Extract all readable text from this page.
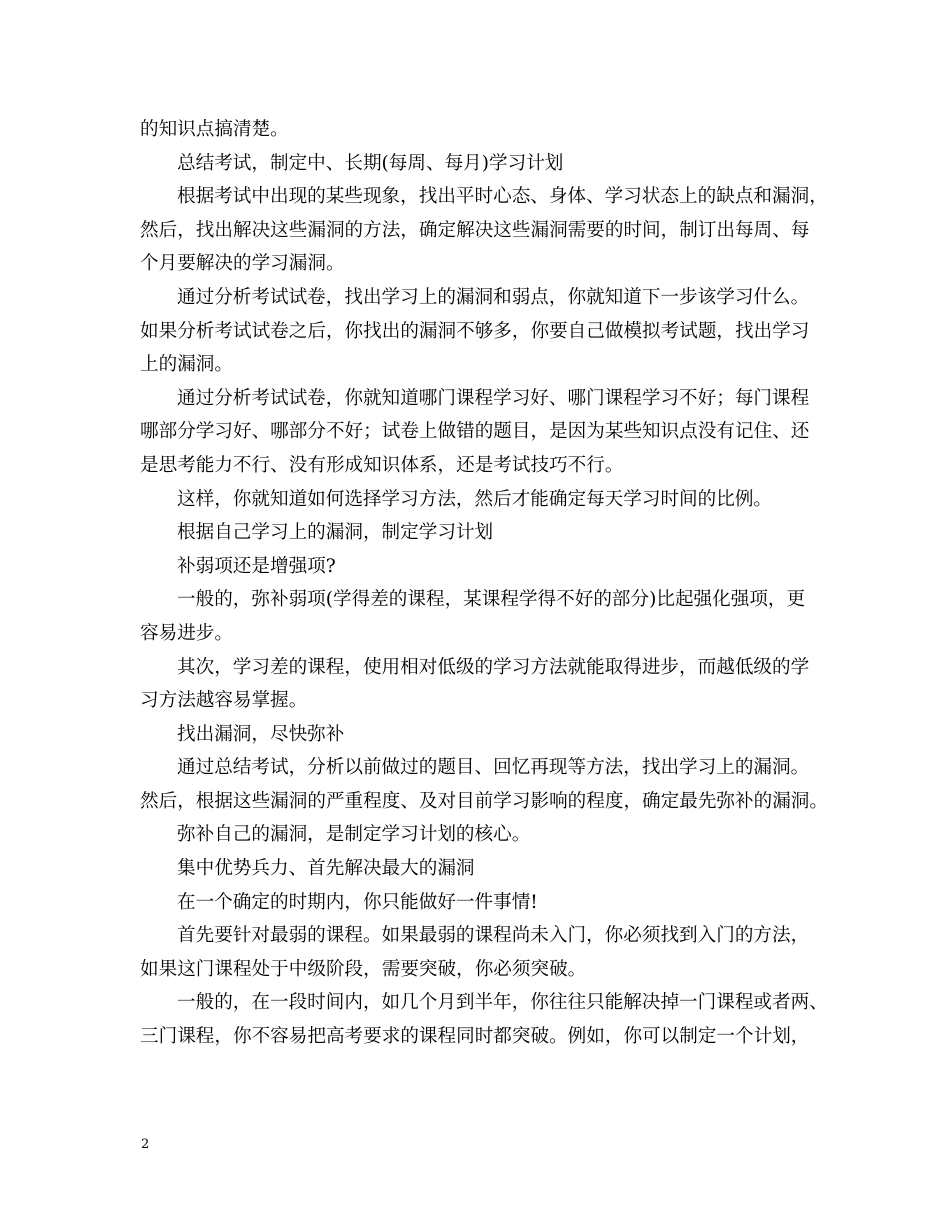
的知识点搞清楚。
总结考试，制定中、长期(每周、每月)学习计划
根据考试中出现的某些现象，找出平时心态、身体、学习状态上的缺点和漏洞，
然后，找出解决这些漏洞的方法，确定解决这些漏洞需要的时间，制订出每周、每
个月要解决的学习漏洞。
通过分析考试试卷，找出学习上的漏洞和弱点，你就知道下一步该学习什么。
如果分析考试试卷之后，你找出的漏洞不够多，你要自己做模拟考试题，找出学习
上的漏洞。
通过分析考试试卷，你就知道哪门课程学习好、哪门课程学习不好；每门课程
哪部分学习好、哪部分不好；试卷上做错的题目，是因为某些知识点没有记住、还
是思考能力不行、没有形成知识体系，还是考试技巧不行。
这样，你就知道如何选择学习方法，然后才能确定每天学习时间的比例。
根据自己学习上的漏洞，制定学习计划
补弱项还是增强项?
一般的，弥补弱项(学得差的课程，某课程学得不好的部分)比起强化强项，更
容易进步。
其次，学习差的课程，使用相对低级的学习方法就能取得进步，而越低级的学
习方法越容易掌握。
找出漏洞，尽快弥补
通过总结考试，分析以前做过的题目、回忆再现等方法，找出学习上的漏洞。
然后，根据这些漏洞的严重程度、及对目前学习影响的程度，确定最先弥补的漏洞。
弥补自己的漏洞，是制定学习计划的核心。
集中优势兵力、首先解决最大的漏洞
在一个确定的时期内，你只能做好一件事情!
首先要针对最弱的课程。如果最弱的课程尚未入门，你必须找到入门的方法，
如果这门课程处于中级阶段，需要突破，你必须突破。
一般的，在一段时间内，如几个月到半年，你往往只能解决掉一门课程或者两、
三门课程，你不容易把高考要求的课程同时都突破。例如，你可以制定一个计划，
2
